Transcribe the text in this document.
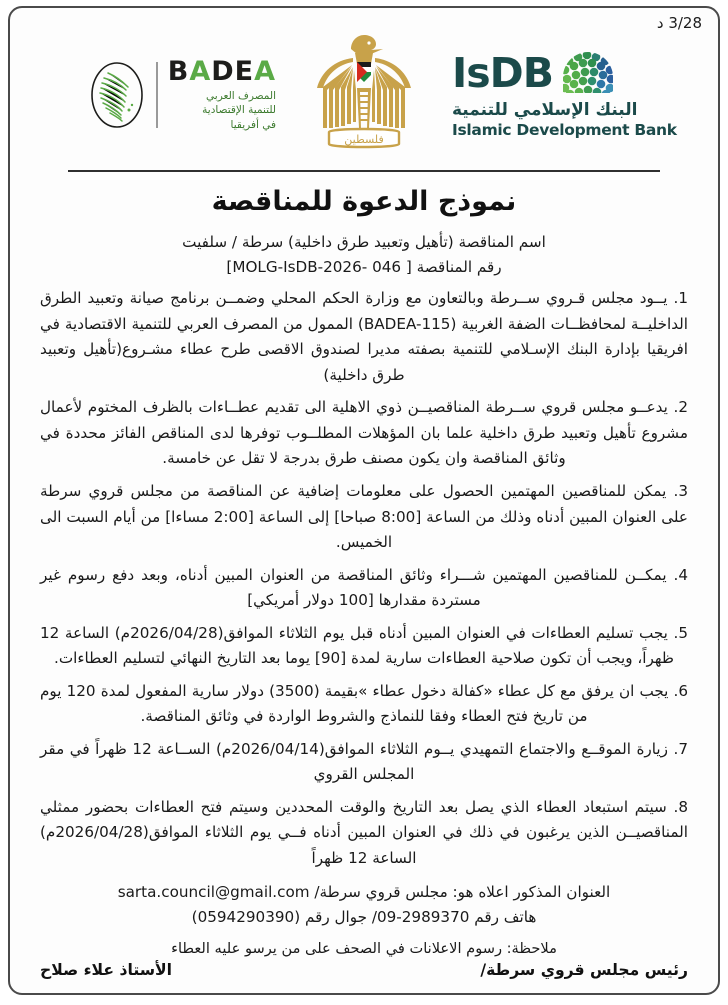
3/28 د
IsDB
البنك الإسلامي للتنمية
Islamic Development Bank
فلسطين
BADEA
المصرف العربي
للتنمية الإقتصادية
في أفريقيا
نموذج الدعوة للمناقصة
اسم المناقصة (تأهيل وتعبيد طرق داخلية) سرطة / سلفيت
رقم المناقصة [ 046 -MOLG-IsDB-2026]
1. يــود مجلس قـروي ســرطة وبالتعاون مع وزارة الحكم المحلي وضمــن برنامج صيانة وتعبيد الطرق الداخليــة لمحافظــات الضفة الغربية (BADEA-115) الممول من المصرف العربي للتنمية الاقتصادية في افريقيا بإدارة البنك الإسـلامي للتنمية بصفته مديرا لصندوق الاقصى طرح عطاء مشـروع(تأهيل وتعبيد طرق داخلية)
2. يدعــو مجلس قروي ســرطة المناقصيــن ذوي الاهلية الى تقديم عطــاءات بالظرف المختوم لأعمال مشروع تأهيل وتعبيد طرق داخلية علما بان المؤهلات المطلــوب توفرها لدى المناقص الفائز محددة في وثائق المناقصة وان يكون مصنف طرق بدرجة لا تقل عن خامسة.
3. يمكن للمناقصين المهتمين الحصول على معلومات إضافية عن المناقصة من مجلس قروي سرطة على العنوان المبين أدناه وذلك من الساعة [8:00 صباحا] إلى الساعة [2:00 مساءا] من أيام السبت الى الخميس.
4. يمكــن للمناقصين المهتمين شـــراء وثائق المناقصة من العنوان المبين أدناه، وبعد دفع رسوم غير مستردة مقدارها [100 دولار أمريكي]
5. يجب تسليم العطاءات في العنوان المبين أدناه قبل يوم الثلاثاء الموافق(2026/04/28م) الساعة 12 ظهراً، ويجب أن تكون صلاحية العطاءات سارية لمدة [90] يوما بعد التاريخ النهائي لتسليم العطاءات.
6. يجب ان يرفق مع كل عطاء «كفالة دخول عطاء »بقيمة (3500) دولار سارية المفعول لمدة 120 يوم من تاريخ فتح العطاء وفقا للنماذج والشروط الواردة في وثائق المناقصة.
7. زيارة الموقــع والاجتماع التمهيدي يــوم الثلاثاء الموافق(2026/04/14م) الســاعة 12 ظهراً في مقر المجلس القروي
8. سيتم استبعاد العطاء الذي يصل بعد التاريخ والوقت المحددين وسيتم فتح العطاءات بحضور ممثلي المناقصيــن الذين يرغبون في ذلك في العنوان المبين أدناه فــي يوم الثلاثاء الموافق(2026/04/28م) الساعة 12 ظهراً
العنوان المذكور اعلاه هو: مجلس قروي سرطة/ sarta.council@gmail.com
هاتف رقم 09-2989370/ جوال رقم (0594290390)
ملاحظة: رسوم الاعلانات في الصحف على من يرسو عليه العطاء
رئيس مجلس قروي سرطة/
الأستاذ علاء صلاح
